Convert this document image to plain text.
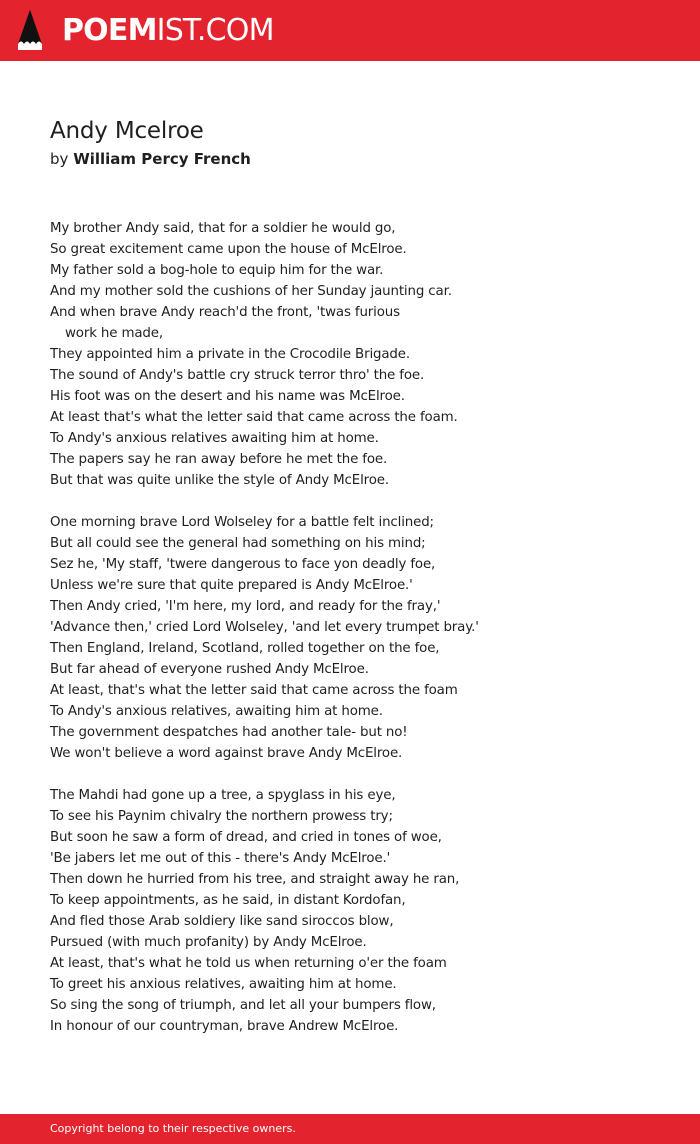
POEMIST.COM
Andy Mcelroe

by William Percy French

My brother Andy said, that for a soldier he would go,
So great excitement came upon the house of McElroe.
My father sold a bog-hole to equip him for the war.
And my mother sold the cushions of her Sunday jaunting car.
And when brave Andy reach'd the front, 'twas furious
work he made,
They appointed him a private in the Crocodile Brigade.
The sound of Andy's battle cry struck terror thro' the foe.
His foot was on the desert and his name was McElroe.
At least that's what the letter said that came across the foam.
To Andy's anxious relatives awaiting him at home.
The papers say he ran away before he met the foe.
But that was quite unlike the style of Andy McElroe.
One morning brave Lord Wolseley for a battle felt inclined;
But all could see the general had something on his mind;
Sez he, 'My staff, 'twere dangerous to face yon deadly foe,
Unless we're sure that quite prepared is Andy McElroe.'
Then Andy cried, 'I'm here, my lord, and ready for the fray,'
'Advance then,' cried Lord Wolseley, 'and let every trumpet bray.'
Then England, Ireland, Scotland, rolled together on the foe,
But far ahead of everyone rushed Andy McElroe.
At least, that's what the letter said that came across the foam
To Andy's anxious relatives, awaiting him at home.
The government despatches had another tale- but no!
We won't believe a word against brave Andy McElroe.
The Mahdi had gone up a tree, a spyglass in his eye,
To see his Paynim chivalry the northern prowess try;
But soon he saw a form of dread, and cried in tones of woe,
'Be jabers let me out of this - there's Andy McElroe.'
Then down he hurried from his tree, and straight away he ran,
To keep appointments, as he said, in distant Kordofan,
And fled those Arab soldiery like sand siroccos blow,
Pursued (with much profanity) by Andy McElroe.
At least, that's what he told us when returning o'er the foam
To greet his anxious relatives, awaiting him at home.
So sing the song of triumph, and let all your bumpers flow,
In honour of our countryman, brave Andrew McElroe.
Copyright belong to their respective owners.
